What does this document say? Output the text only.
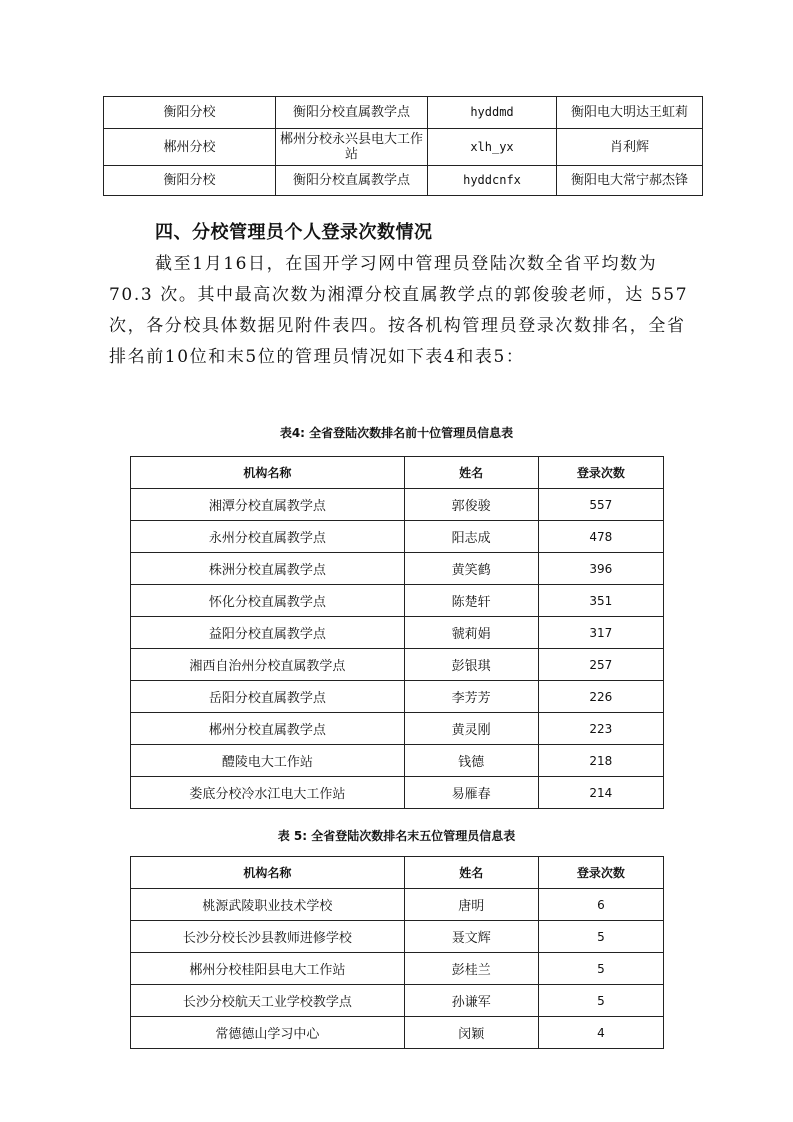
衡阳分校	衡阳分校直属教学点	hyddmd	衡阳电大明达王虹莉
郴州分校	郴州分校永兴县电大工作站	xlh_yx	肖利辉
衡阳分校	衡阳分校直属教学点	hyddcnfx	衡阳电大常宁郝杰锋
四、分校管理员个人登录次数情况
截至1月16日，在国开学习网中管理员登陆次数全省平均数为 70.3 次。其中最高次数为湘潭分校直属教学点的郭俊骏老师，达 557 次，各分校具体数据见附件表四。按各机构管理员登录次数排名，全省排名前10位和末5位的管理员情况如下表4和表5：
表4: 全省登陆次数排名前十位管理员信息表
机构名称	姓名	登录次数
湘潭分校直属教学点	郭俊骏	557
永州分校直属教学点	阳志成	478
株洲分校直属教学点	黄笑鹤	396
怀化分校直属教学点	陈楚轩	351
益阳分校直属教学点	虢莉娟	317
湘西自治州分校直属教学点	彭银琪	257
岳阳分校直属教学点	李芳芳	226
郴州分校直属教学点	黄灵刚	223
醴陵电大工作站	钱德	218
娄底分校冷水江电大工作站	易雁春	214
表 5: 全省登陆次数排名末五位管理员信息表
机构名称	姓名	登录次数
桃源武陵职业技术学校	唐明	6
长沙分校长沙县教师进修学校	聂文辉	5
郴州分校桂阳县电大工作站	彭桂兰	5
长沙分校航天工业学校教学点	孙谦军	5
常德德山学习中心	闵颖	4
